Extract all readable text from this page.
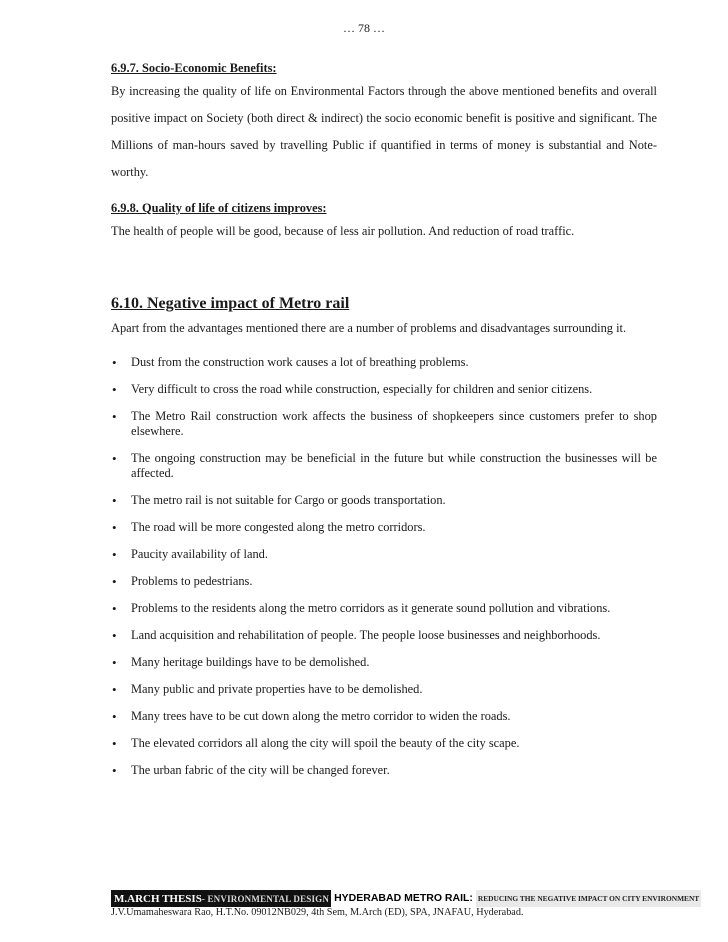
… 78 …

6.9.7. Socio-Economic Benefits:

By increasing the quality of life on Environmental Factors through the above mentioned benefits and overall positive impact on Society (both direct & indirect) the socio economic benefit is positive and significant. The Millions of man-hours saved by travelling Public if quantified in terms of money is substantial and Note-worthy.

6.9.8. Quality of life of citizens improves:

The health of people will be good, because of less air pollution. And reduction of road traffic.

6.10. Negative impact of Metro rail

Apart from the advantages mentioned there are a number of problems and disadvantages surrounding it.

• Dust from the construction work causes a lot of breathing problems.
• Very difficult to cross the road while construction, especially for children and senior citizens.
• The Metro Rail construction work affects the business of shopkeepers since customers prefer to shop elsewhere.
• The ongoing construction may be beneficial in the future but while construction the businesses will be affected.
• The metro rail is not suitable for Cargo or goods transportation.
• The road will be more congested along the metro corridors.
• Paucity availability of land.
• Problems to pedestrians.
• Problems to the residents along the metro corridors as it generate sound pollution and vibrations.
• Land acquisition and rehabilitation of people. The people loose businesses and neighborhoods.
• Many heritage buildings have to be demolished.
• Many public and private properties have to be demolished.
• Many trees have to be cut down along the metro corridor to widen the roads.
• The elevated corridors all along the city will spoil the beauty of the city scape.
• The urban fabric of the city will be changed forever.
M.ARCH THESIS - ENVIRONMENTAL DESIGN HYDERABAD METRO RAIL: REDUCING THE NEGATIVE IMPACT ON CITY ENVIRONMENT
J.V.Umamaheswara Rao, H.T.No. 09012NB029, 4th Sem, M.Arch (ED), SPA, JNAFAU, Hyderabad.
